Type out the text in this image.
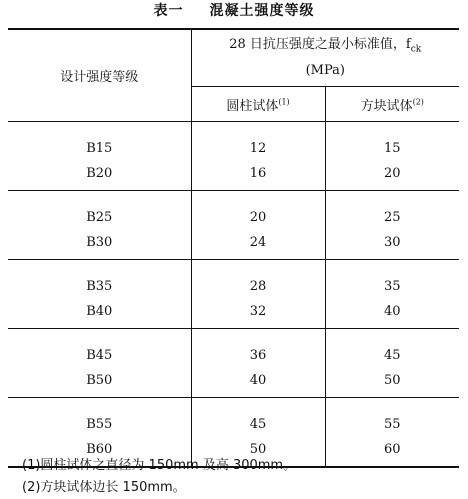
表一 混凝土强度等级
设计强度等级	28 日抗压强度之最小标准值，$f_{ck}$
(MPa)	

	圆柱试体$^{(1)}$	方块试体$^{(2)}$
B15	12	15
B20	16	20
B25	20	25
B30	24	30
B35	28	35
B40	32	40
B45	36	45
B50	40	50
B55	45	55
B60	50	60
(1)圆柱试体之直径为 150mm 及高 300mm。
(2)方块试体边长 150mm。
